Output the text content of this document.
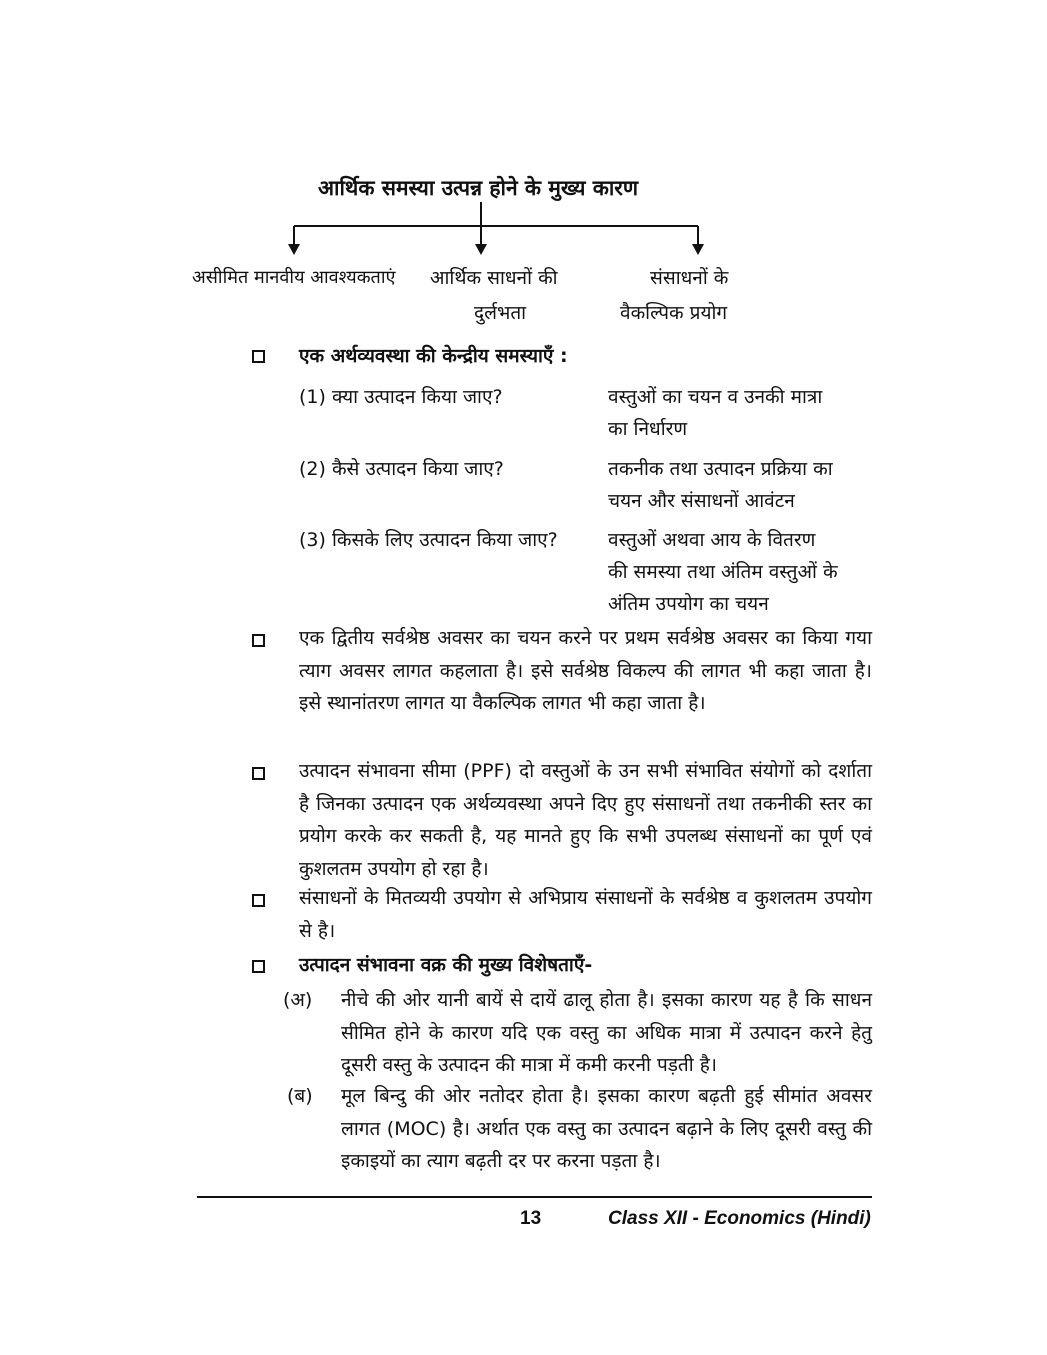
आर्थिक समस्या उत्पन्न होने के मुख्य कारण
असीमित मानवीय आवश्यकताएं आर्थिक साधनों की
दुर्लभता
संसाधनों के
वैकल्पिक प्रयोग
एक अर्थव्यवस्था की केन्द्रीय समस्याएँ :
(1) क्या उत्पादन किया जाए?	वस्तुओं का चयन व उनकी मात्रा
का निर्धारण
(2) कैसे उत्पादन किया जाए?	तकनीक तथा उत्पादन प्रक्रिया का
चयन और संसाधनों आवंटन
(3) किसके लिए उत्पादन किया जाए?	वस्तुओं अथवा आय के वितरण
की समस्या तथा अंतिम वस्तुओं के
अंतिम उपयोग का चयन
एक द्वितीय सर्वश्रेष्ठ अवसर का चयन करने पर प्रथम सर्वश्रेष्ठ अवसर का किया गया त्याग अवसर लागत कहलाता है। इसे सर्वश्रेष्ठ विकल्प की लागत भी कहा जाता है। इसे स्थानांतरण लागत या वैकल्पिक लागत भी कहा जाता है।
उत्पादन संभावना सीमा (PPF) दो वस्तुओं के उन सभी संभावित संयोगों को दर्शाता है जिनका उत्पादन एक अर्थव्यवस्था अपने दिए हुए संसाधनों तथा तकनीकी स्तर का प्रयोग करके कर सकती है, यह मानते हुए कि सभी उपलब्ध संसाधनों का पूर्ण एवं कुशलतम उपयोग हो रहा है।
संसाधनों के मितव्ययी उपयोग से अभिप्राय संसाधनों के सर्वश्रेष्ठ व कुशलतम उपयोग से है।
उत्पादन संभावना वक्र की मुख्य विशेषताएँ-
(अ) नीचे की ओर यानी बायें से दायें ढालू होता है। इसका कारण यह है कि साधन सीमित होने के कारण यदि एक वस्तु का अधिक मात्रा में उत्पादन करने हेतु दूसरी वस्तु के उत्पादन की मात्रा में कमी करनी पड़ती है।
(ब) मूल बिन्दु की ओर नतोदर होता है। इसका कारण बढ़ती हुई सीमांत अवसर लागत (MOC) है। अर्थात एक वस्तु का उत्पादन बढ़ाने के लिए दूसरी वस्तु की इकाइयों का त्याग बढ़ती दर पर करना पड़ता है।
13	Class XII - Economics (Hindi)
